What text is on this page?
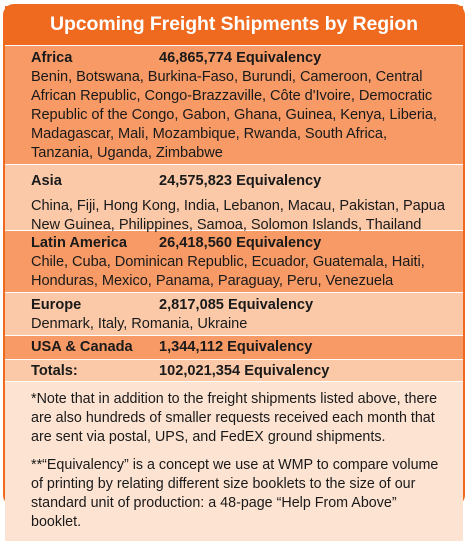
Upcoming Freight Shipments by Region
Africa	46,865,774 Equivalency
Benin, Botswana, Burkina-Faso, Burundi, Cameroon, Central African Republic, Congo-Brazzaville, Côte d'Ivoire, Democratic Republic of the Congo, Gabon, Ghana, Guinea, Kenya, Liberia, Madagascar, Mali, Mozambique, Rwanda, South Africa, Tanzania, Uganda, Zimbabwe
Asia	24,575,823 Equivalency
China, Fiji, Hong Kong, India, Lebanon, Macau, Pakistan, Papua New Guinea, Philippines, Samoa, Solomon Islands, Thailand
Latin America	26,418,560 Equivalency
Chile, Cuba, Dominican Republic, Ecuador, Guatemala, Haiti, Honduras, Mexico, Panama, Paraguay, Peru, Venezuela
Europe	2,817,085 Equivalency
Denmark, Italy, Romania, Ukraine
USA & Canada	1,344,112 Equivalency
Totals:	102,021,354 Equivalency

*Note that in addition to the freight shipments listed above, there are also hundreds of smaller requests received each month that are sent via postal, UPS, and FedEX ground shipments.

**“Equivalency” is a concept we use at WMP to compare volume of printing by relating different size booklets to the size of our standard unit of production: a 48-page “Help From Above” booklet.
